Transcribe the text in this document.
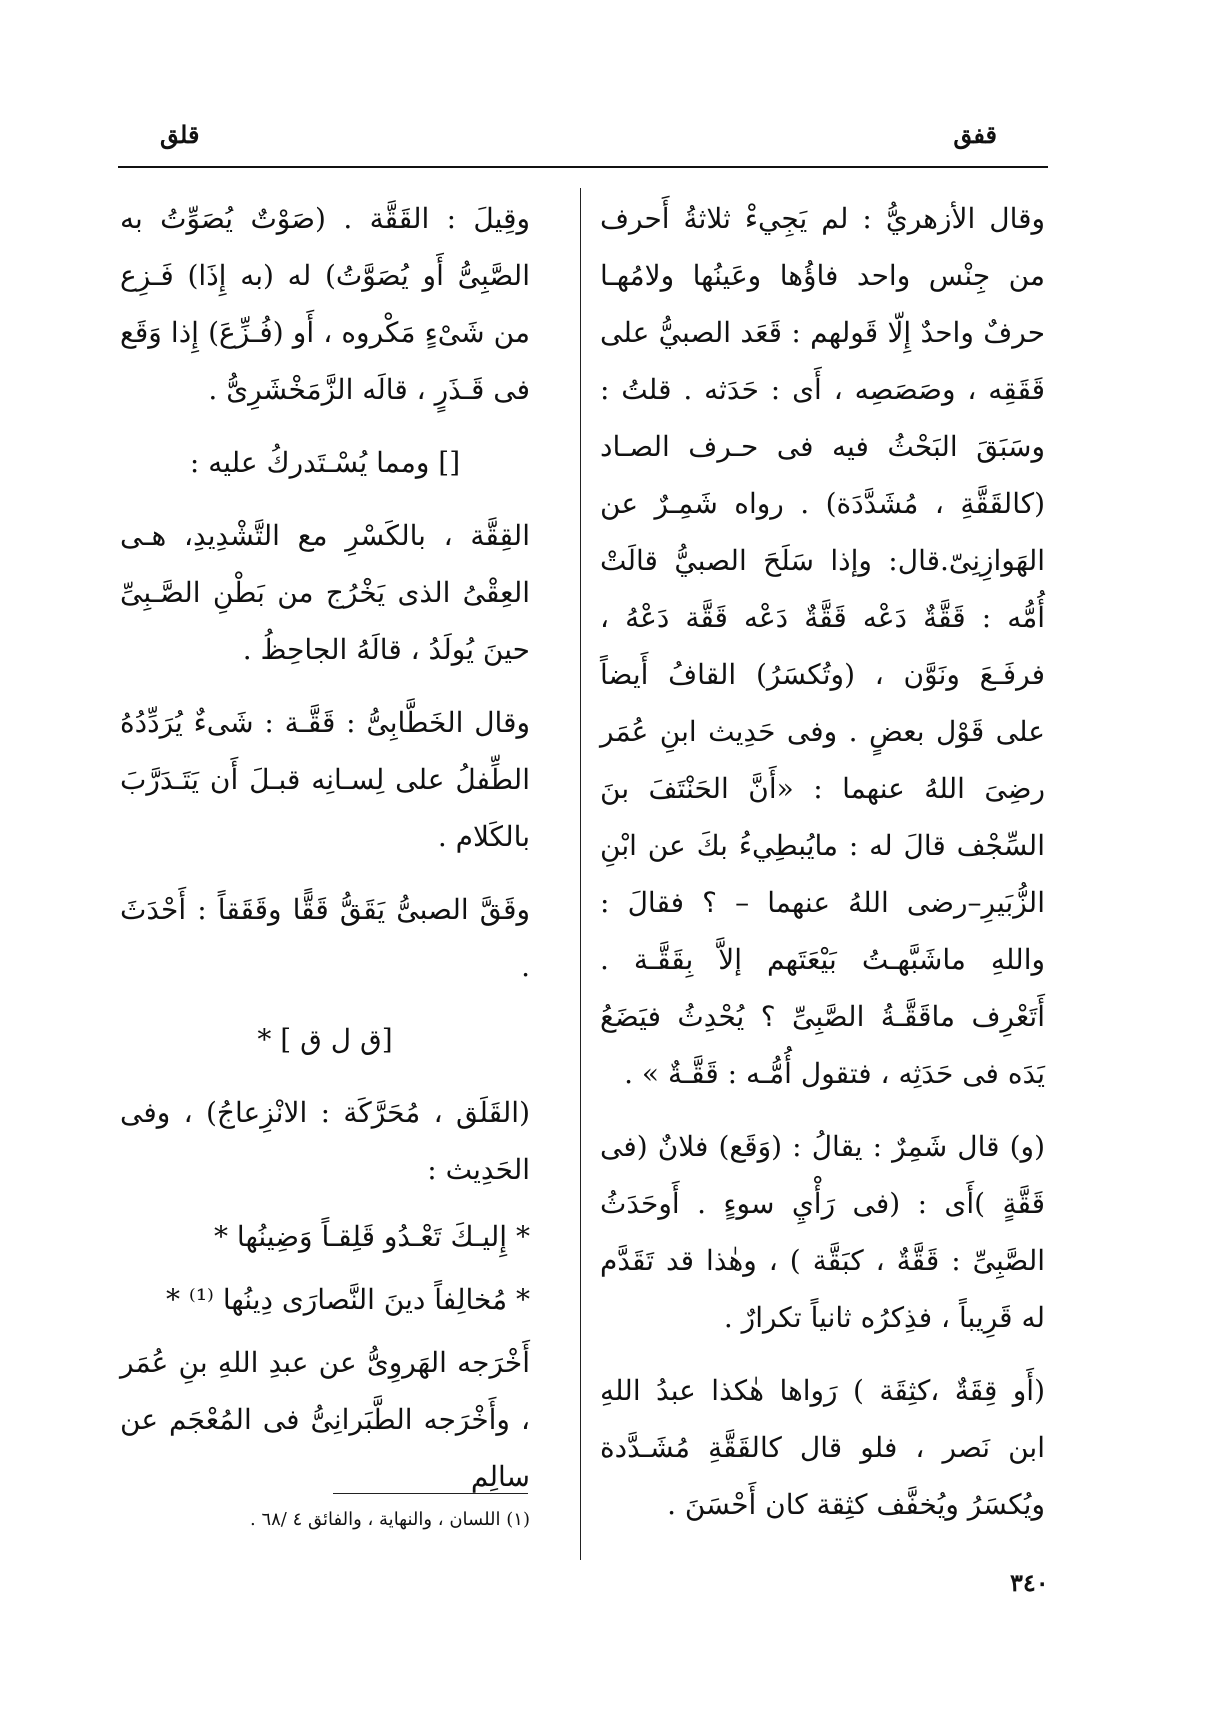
قفق
قلق

وقال الأزهريُّ : لم يَجِيءْ ثلاثةُ أَحرف من جِنْس واحد فاؤُها وعَينُها ولامُهـا حرفٌ واحدٌ إِلّا قَولهم : قَعَد الصبيُّ على قَقَقِه ، وصَصَصِه ، أَى : حَدَثه . قلتُ : وسَبَقَ البَحْثُ فيه فى حـرف الصـاد (كالقَقَّةِ ، مُشَدَّدَة) . رواه شَمِـرٌ عن الهَوازِنِىّ.قال: وإذا سَلَحَ الصبيُّ قالَتْ أُمُّه : قَقَّةٌ دَعْه قَقَّةٌ دَعْه قَقَّة دَعْهُ ، فرفَـعَ ونَوَّن ، (وتُكسَرُ) القافُ أَيضاً على قَوْل بعضٍ . وفى حَدِيث ابنِ عُمَر رضِىَ اللهُ عنهما : «أَنَّ الحَنْتَفَ بنَ السِّجْف قالَ له : مايُبطِيءُ بكَ عن ابْنِ الزُّبَيرِ–رضى اللهُ عنهما – ؟ فقالَ : واللهِ ماشَبَّهـتُ بَيْعَتَهم إلاَّ بِقَقَّـة . أَتَعْرِف ماقَقَّـةُ الصَّبِىِّ ؟ يُحْدِثُ فيَضَعُ يَدَه فى حَدَثِه ، فتقول أُمُّـه : قَقَّـةٌ » .

(و) قال شَمِرٌ : يقالُ : (وَقَع) فلانٌ (فى قَقَّةٍ )أَى : (فى رَأْيِ سوءٍ . أَوحَدَثُ الصَّبِىِّ : قَقَّةٌ ، كبَقَّة ) ، وهٰذا قد تَقَدَّم له قَرِيباً ، فذِكرُه ثانياً تكرارٌ .

(أَو قِقَةٌ ،كثِقَة ) رَواها هٰكذا عبدُ اللهِ ابن نَصر ، فلو قال كالقَقَّةِ مُشَـدَّدة ويُكسَرُ ويُخفَّف كثِقة كان أَحْسَنَ .

وقِيلَ : القَقَّة . (صَوْتٌ يُصَوِّتُ به الصَّبِىُّ أَو يُصَوَّتُ) له (به إِذَا) فَـزِع من شَىْءٍ مَكْروه ، أَو (فُـزِّعَ) إِذا وَقَع فى قَـذَرٍ ، قالَه الزَّمَخْشَرِىُّ .

[] ومما يُسْـتَدركُ عليه :

القِقَّة ، بالكَسْرِ مع التَّشْدِيدِ، هـى العِقْىُ الذى يَخْرُج من بَطْنِ الصَّـبِىِّ حينَ يُولَدُ ، قالَهُ الجاحِظُ .

وقال الخَطَّابِىُّ : قَقَّـة : شَىءٌ يُرَدِّدُهُ الطِّفلُ على لِسـانِه قبـلَ أَن يَتَـدَرَّبَ بالكَلام .

وقَقَّ الصبىُّ يَقَقُّ قَقًّا وقَقَقاً : أَحْدَثَ .

[ق ل ق ] *

(القَلَق ، مُحَرَّكَة : الانْزِعاجُ) ، وفى الحَدِيث :

* إِليـكَ تَعْـدُو قَلِقـاً وَضِينُها *

* مُخالِفاً دينَ النَّصارَى دِينُها ⁽¹⁾ *

أَخْرَجه الهَروِىُّ عن عبدِ اللهِ بنِ عُمَر ، وأَخْرَجه الطَّبَرانِىُّ فى المُعْجَم عن سالِم

(١) اللسان ، والنهاية ، والفائق ٤ /٦٨ .
٣٤٠
